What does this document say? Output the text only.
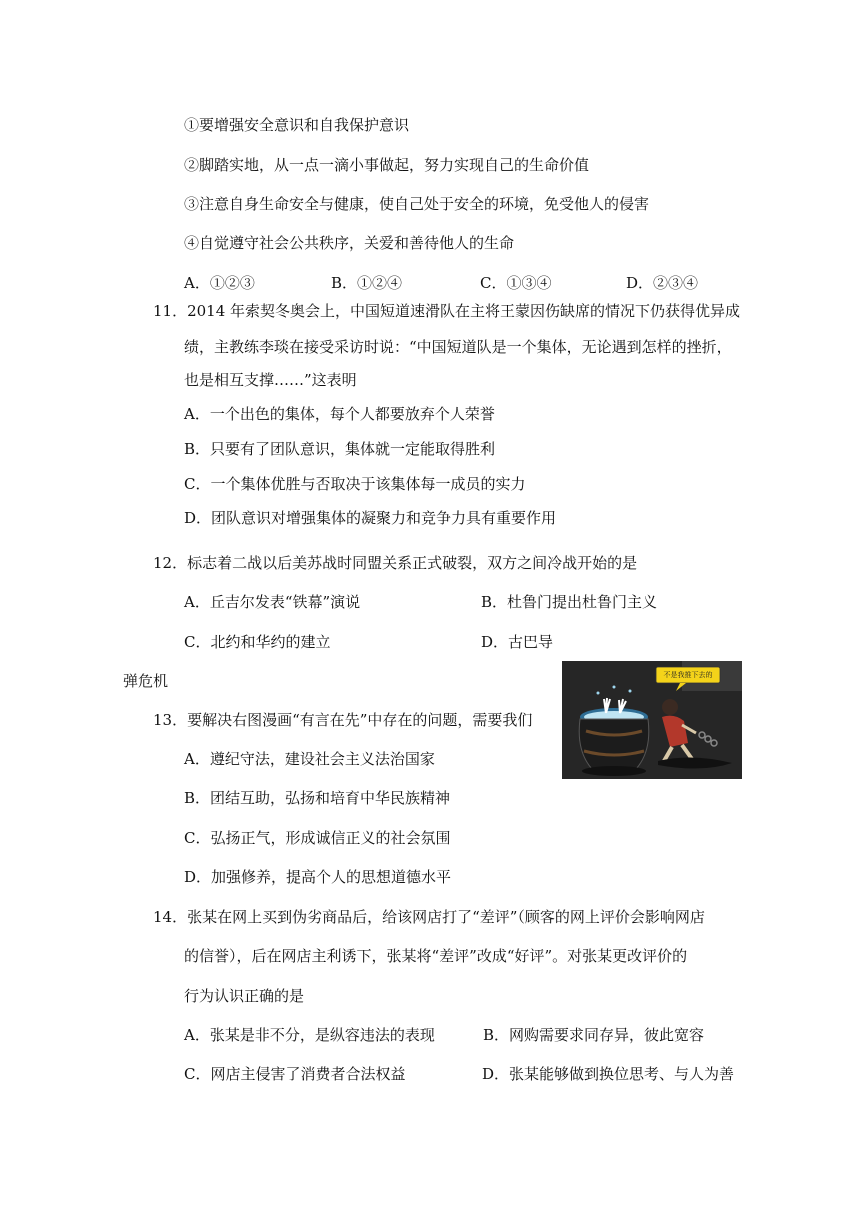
①要增强安全意识和自我保护意识
②脚踏实地，从一点一滴小事做起，努力实现自己的生命价值
③注意自身生命安全与健康，使自己处于安全的环境，免受他人的侵害
④自觉遵守社会公共秩序，关爱和善待他人的生命
A．①②③	B．①②④	C．①③④	D．②③④
11．2014 年索契冬奥会上，中国短道速滑队在主将王蒙因伤缺席的情况下仍获得优异成
绩，主教练李琰在接受采访时说：“中国短道队是一个集体，无论遇到怎样的挫折，
也是相互支撑……”这表明
A．一个出色的集体，每个人都要放弃个人荣誉
B．只要有了团队意识，集体就一定能取得胜利
C．一个集体优胜与否取决于该集体每一成员的实力
D．团队意识对增强集体的凝聚力和竞争力具有重要作用
12．标志着二战以后美苏战时同盟关系正式破裂，双方之间冷战开始的是
A．丘吉尔发表“铁幕”演说	B．杜鲁门提出杜鲁门主义
C．北约和华约的建立	D．古巴导
弹危机	不是我推下去的
13．要解决右图漫画“有言在先”中存在的问题，需要我们
A．遵纪守法，建设社会主义法治国家
B．团结互助，弘扬和培育中华民族精神
C．弘扬正气，形成诚信正义的社会氛围
D．加强修养，提高个人的思想道德水平
14．张某在网上买到伪劣商品后，给该网店打了“差评”（顾客的网上评价会影响网店
的信誉），后在网店主利诱下，张某将“差评”改成“好评”。对张某更改评价的
行为认识正确的是
A．张某是非不分，是纵容违法的表现	B．网购需要求同存异，彼此宽容
C．网店主侵害了消费者合法权益	D．张某能够做到换位思考、与人为善
